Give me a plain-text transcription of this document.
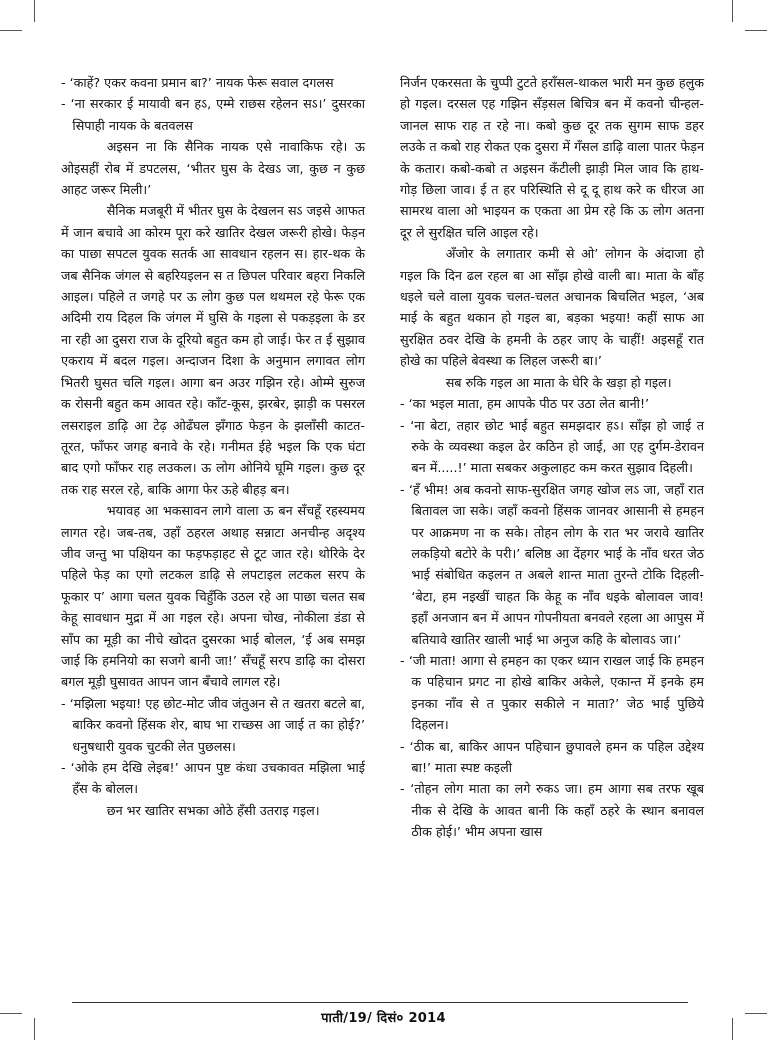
- ‘काहें? एकर कवना प्रमान बा?’ नायक फेरू सवाल दगलस

- ‘ना सरकार ई मायावी बन हऽ, एम्मे राछस रहेलन सऽ।’ दुसरका सिपाही नायक के बतवलस

अइसन ना कि सैनिक नायक एसे नावाकिफ रहे। ऊ ओइसहीं रोब में डपटलस, ‘भीतर घुस के देखऽ जा, कुछ न कुछ आहट जरूर मिली।’

सैनिक मजबूरी में भीतर घुस के देखलन सऽ जइसे आफत में जान बचावे आ कोरम पूरा करे खातिर देखल जरूरी होखे। फेड़न का पाछा सपटल युवक सतर्क आ सावधान रहलन स। हार-थक के जब सैनिक जंगल से बहरियइलन स त छिपल परिवार बहरा निकलि आइल। पहिले त जगहे पर ऊ लोग कुछ पल थथमल रहे फेरू एक अदिमी राय दिहल कि जंगल में घुसि के गइला से पकड़इला के डर ना रही आ दुसरा राज के दूरियो बहुत कम हो जाई। फेर त ई सुझाव एकराय में बदल गइल। अन्दाजन दिशा के अनुमान लगावत लोग भितरी घुसत चलि गइल। आगा बन अउर गझिन रहे। ओम्मे सुरुज क रोसनी बहुत कम आवत रहे। काँट-कूस, झरबेर, झाड़ी क पसरल लसराइल डाढ़ि आ टेढ़ ओढँघल झँगाठ फेड़न के झलाँसी काटत-तूरत, फाँफर जगह बनावे के रहे। गनीमत ईहे भइल कि एक घंटा बाद एगो फाँफर राह लउकल। ऊ लोग ओनिये घूमि गइल। कुछ दूर तक राह सरल रहे, बाकि आगा फेर ऊहे बीहड़ बन।

भयावह आ भकसावन लागे वाला ऊ बन सँचहूँ रहस्यमय लागत रहे। जब-तब, उहाँ ठहरल अथाह सन्नाटा अनचीन्ह अदृश्य जीव जन्तु भा पक्षियन का फड़फड़ाहट से टूट जात रहे। थोरिके देर पहिले फेड़ का एगो लटकल डाढ़ि से लपटाइल लटकल सरप के फूकार प’ आगा चलत युवक चिहुँकि उठल रहे आ पाछा चलत सब केहू सावधान मुद्रा में आ गइल रहे। अपना चोख, नोकीला डंडा से साँप का मूड़ी का नीचे खोदत दुसरका भाई बोलल, ‘ई अब समझ जाई कि हमनियो का सजगे बानी जा!’ सँचहूँ सरप डाढ़ि का दोसरा बगल मूड़ी घुसावत आपन जान बँचावे लागल रहे।

- ‘मझिला भइया! एह छोट-मोट जीव जंतुअन से त खतरा बटले बा, बाकिर कवनो हिंसक शेर, बाघ भा राच्छस आ जाई त का होई?’ धनुषधारी युवक चुटकी लेत पुछलस।

- ‘ओके हम देखि लेइब!’ आपन पुष्ट कंधा उचकावत मझिला भाई हँस के बोलल।

छन भर खातिर सभका ओठे हँसी उतराइ गइल।

निर्जन एकरसता के चुप्पी टुटते हराँसल-थाकल भारी मन कुछ हलुक हो गइल। दरसल एह गझिन सँड़सल बिचित्र बन में कवनो चीन्हल-जानल साफ राह त रहे ना। कबो कुछ दूर तक सुगम साफ डहर लउके त कबो राह रोकत एक दुसरा में गँसल डाढ़ि वाला पातर फेड़न के कतार। कबो-कबो त अइसन कँटीली झाड़ी मिल जाव कि हाथ-गोड़ छिला जाव। ई त हर परिस्थिति से दू दू हाथ करे क धीरज आ सामरथ वाला ओ भाइयन क एकता आ प्रेम रहे कि ऊ लोग अतना दूर ले सुरक्षित चलि आइल रहे।

अँजोर के लगातार कमी से ओ’ लोगन के अंदाजा हो गइल कि दिन ढल रहल बा आ साँझ होखे वाली बा। माता के बाँह धइले चले वाला युवक चलत-चलत अचानक बिचलित भइल, ‘अब माई के बहुत थकान हो गइल बा, बड़का भइया! कहीं साफ आ सुरक्षित ठवर देखि के हमनी के ठहर जाए के चाहीं! अइसहूँ रात होखे का पहिले बेवस्था क लिहल जरूरी बा।’

सब रुकि गइल आ माता के घेरि के खड़ा हो गइल।

- ‘का भइल माता, हम आपके पीठ पर उठा लेत बानी!’

- ‘ना बेटा, तहार छोट भाई बहुत समझदार हऽ। साँझ हो जाई त रुके के व्यवस्था कइल ढेर कठिन हो जाई, आ एह दुर्गम-डेरावन बन में.....!’ माता सबकर अकुलाहट कम करत सुझाव दिहली।

- ‘हँ भीम! अब कवनो साफ-सुरक्षित जगह खोज लऽ जा, जहाँ रात बितावल जा सके। जहाँ कवनो हिंसक जानवर आसानी से हमहन पर आक्रमण ना क सके। तोहन लोग के रात भर जरावे खातिर लकड़ियो बटोरे के परी।’ बलिष्ठ आ देंहगर भाई के नाँव धरत जेठ भाई संबोधित कइलन त अबले शान्त माता तुरन्ते टोकि दिहली- ‘बेटा, हम नइखीं चाहत कि केहू क नाँव धइके बोलावल जाव! इहाँ अनजान बन में आपन गोपनीयता बनवले रहला आ आपुस में बतियावे खातिर खाली भाई भा अनुज कहि के बोलावऽ जा।’

- ‘जी माता! आगा से हमहन का एकर ध्यान राखल जाई कि हमहन क पहिचान प्रगट ना होखे बाकिर अकेले, एकान्त में इनके हम इनका नाँव से त पुकार सकीले न माता?’ जेठ भाई पुछिये दिहलन।

- ‘ठीक बा, बाकिर आपन पहिचान छुपावले हमन क पहिल उद्देश्य बा!’ माता स्पष्ट कइली

- ‘तोहन लोग माता का लगे रुकऽ जा। हम आगा सब तरफ खूब नीक से देखि के आवत बानी कि कहाँ ठहरे के स्थान बनावल ठीक होई।’ भीम अपना खास

पाती/19/ दिसं० 2014
